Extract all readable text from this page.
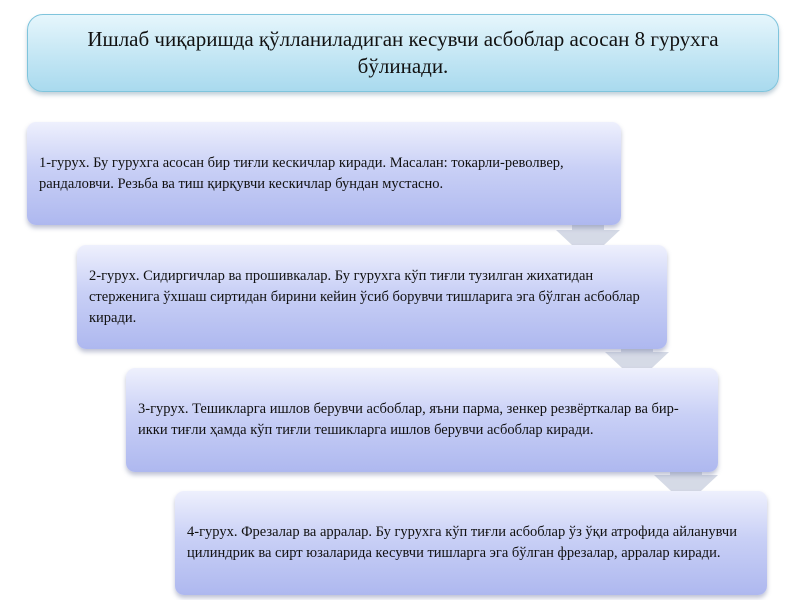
Ишлаб чиқаришда қўлланиладиган кесувчи асбоблар асосан 8 гурухга бўлинади.
1-гурух. Бу гурухга асосан бир тиғли кескичлар киради. Масалан: токарли-револвер, рандаловчи. Резьба ва тиш қирқувчи кескичлар бундан мустасно.
2-гурух. Сидиргичлар ва прошивкалар. Бу гурухга кўп тиғли тузилган жихатидан стерженига ўхшаш сиртидан бирини кейин ўсиб борувчи тишларига эга бўлган асбоблар киради.
3-гурух. Тешикларга ишлов берувчи асбоблар, яъни парма, зенкер резвёрткалар ва бир-икки тиғли ҳамда кўп тиғли тешикларга ишлов берувчи асбоблар киради.
4-гурух. Фрезалар ва арралар. Бу гурухга кўп тиғли асбоблар ўз ўқи атрофида айланувчи цилиндрик ва сирт юзаларида кесувчи тишларга эга бўлган фрезалар, арралар киради.
